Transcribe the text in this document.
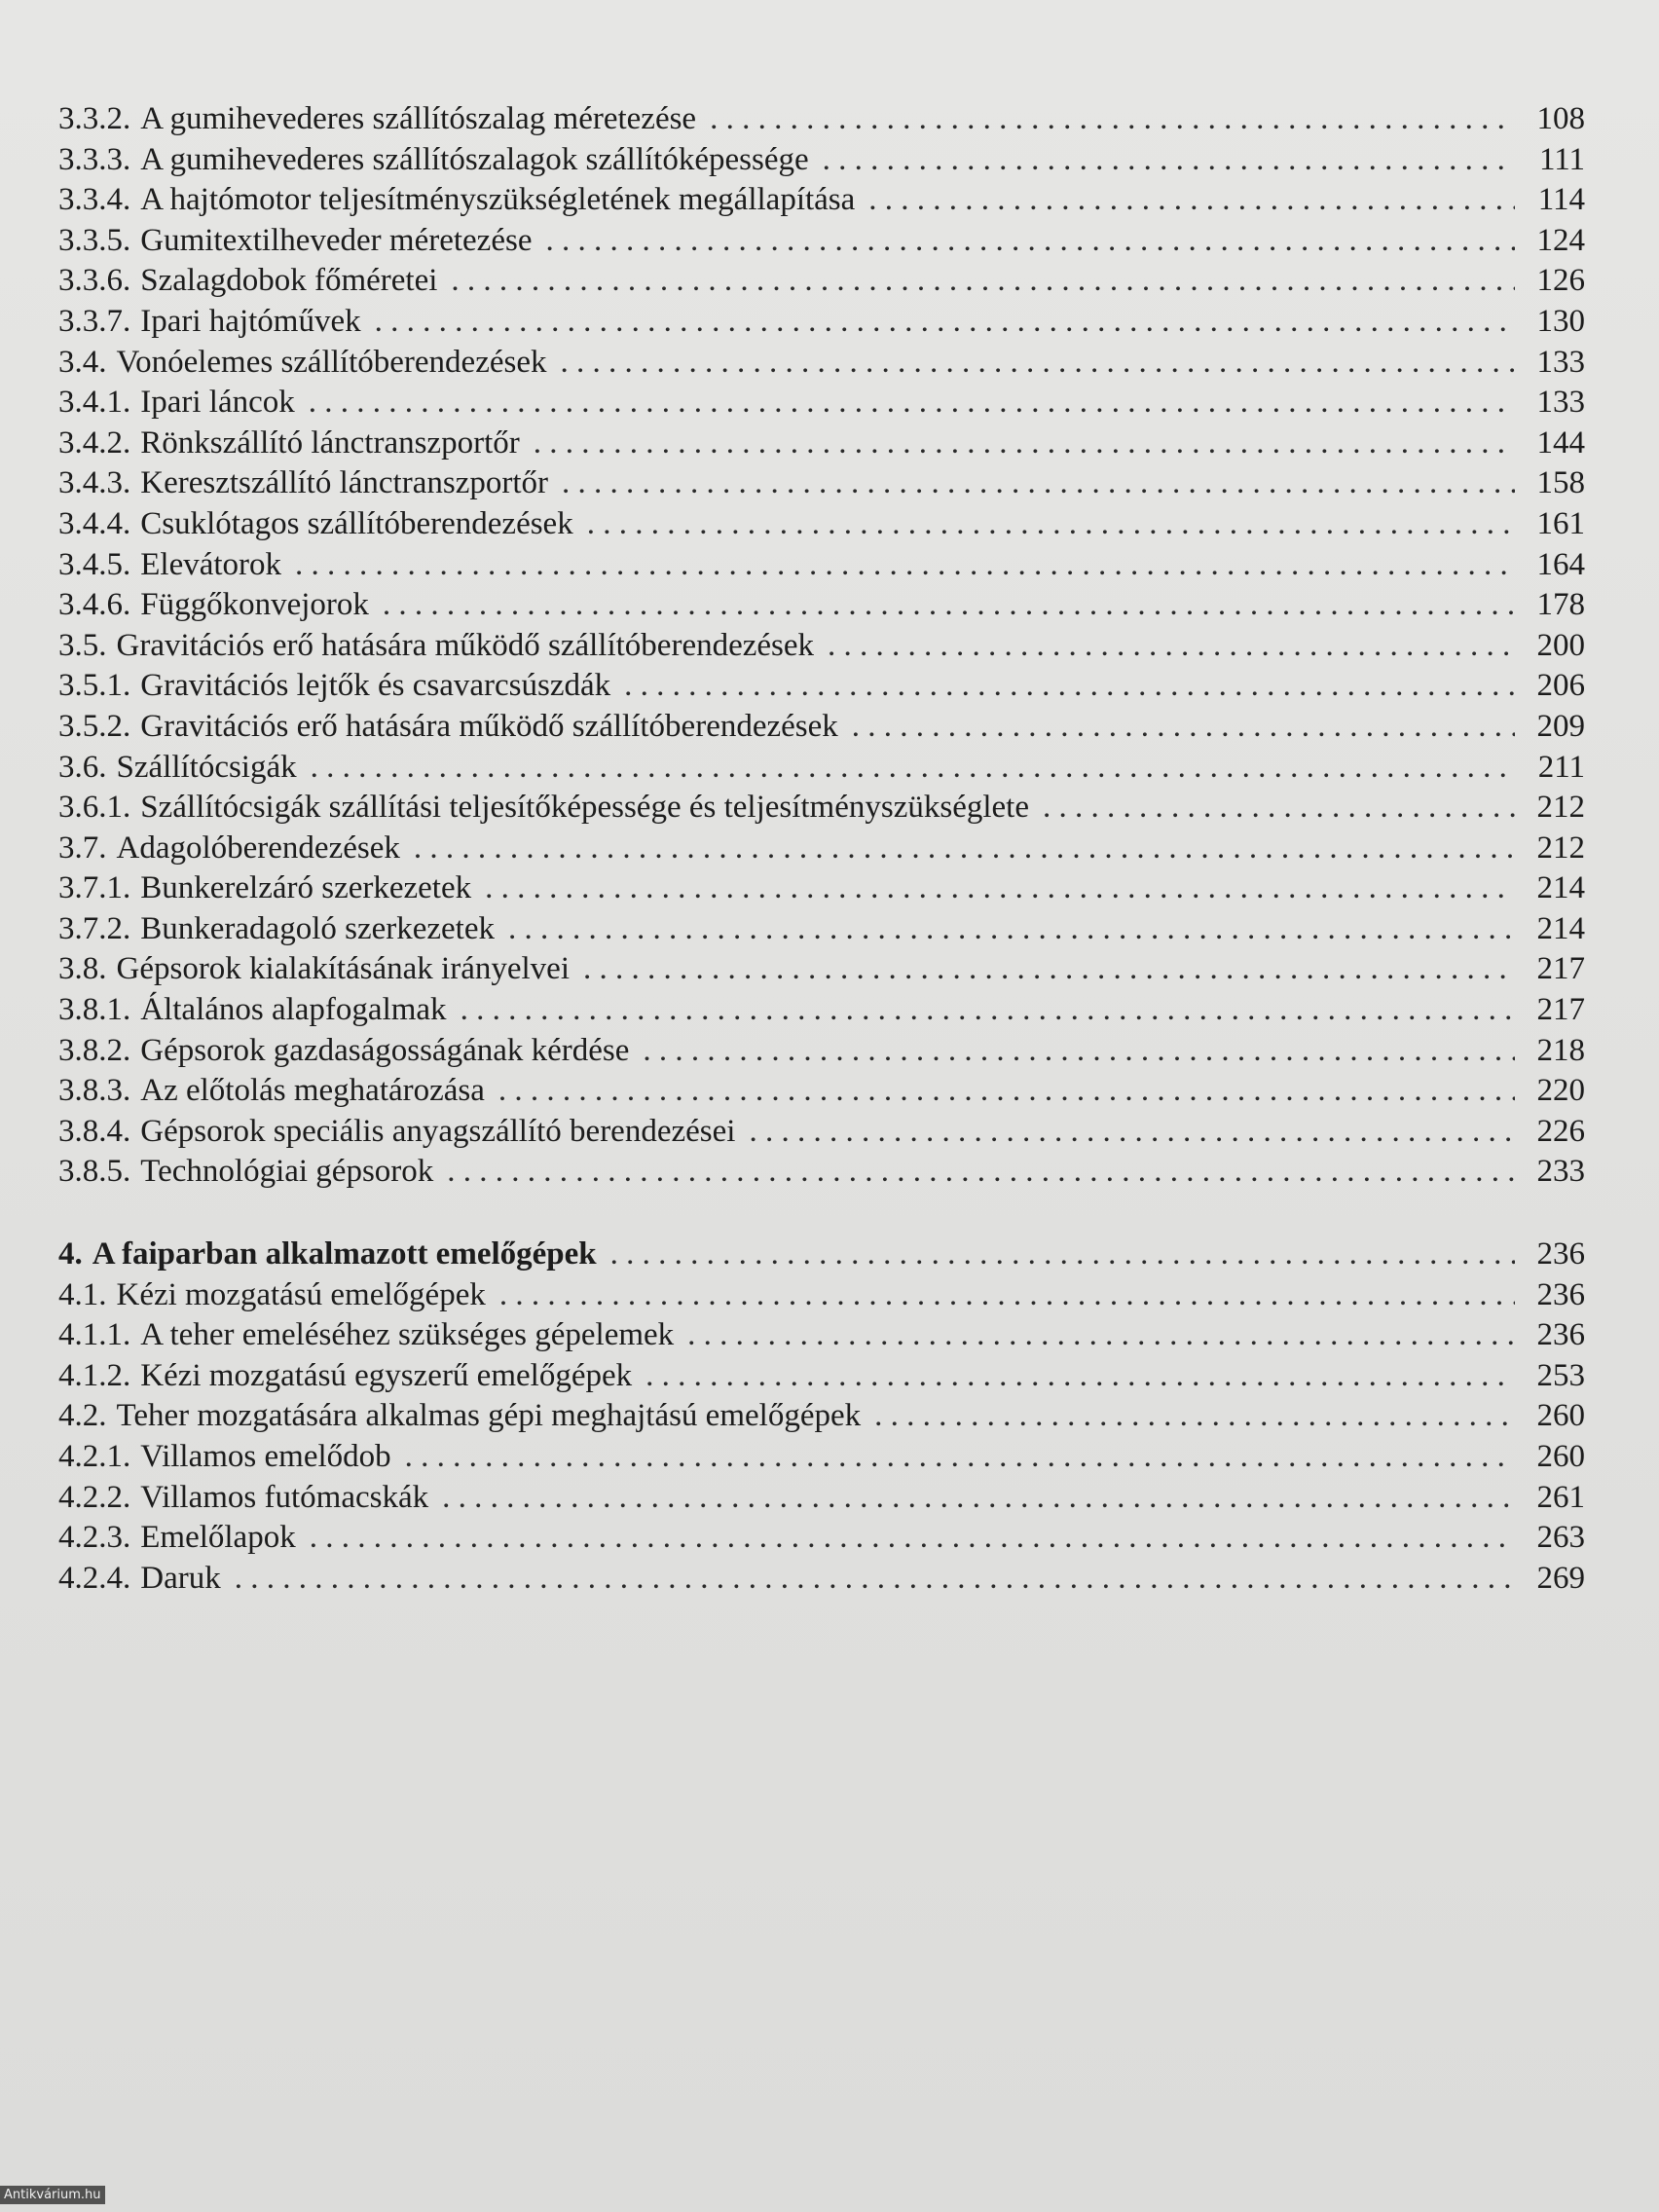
3.3.2. A gumihevederes szállítószalag méretezése . . .	108
3.3.3. A gumihevederes szállítószalagok szállítóképessége . . .	111
3.3.4. A hajtómotor teljesítményszükségletének megállapítása . . .	114
3.3.5. Gumitextilheveder méretezése . . .	124
3.3.6. Szalagdobok főméretei . . .	126
3.3.7. Ipari hajtóművek . . .	130
3.4. Vonóelemes szállítóberendezések . . .	133
3.4.1. Ipari láncok . . .	133
3.4.2. Rönkszállító lánctranszportőr . . .	144
3.4.3. Keresztszállító lánctranszportőr . . .	158
3.4.4. Csuklótagos szállítóberendezések . . .	161
3.4.5. Elevátorok . . .	164
3.4.6. Függőkonvejorok . . .	178
3.5. Gravitációs erő hatására működő szállítóberendezések . . .	200
3.5.1. Gravitációs lejtők és csavarcsúszdák . . .	206
3.5.2. Gravitációs erő hatására működő szállítóberendezések . . .	209
3.6. Szállítócsigák . . .	211
3.6.1. Szállítócsigák szállítási teljesítőképessége és teljesítményszükséglete . . .	212
3.7. Adagolóberendezések . . .	212
3.7.1. Bunkerelzáró szerkezetek . . .	214
3.7.2. Bunkeradagoló szerkezetek . . .	214
3.8. Gépsorok kialakításának irányelvei . . .	217
3.8.1. Általános alapfogalmak . . .	217
3.8.2. Gépsorok gazdaságosságának kérdése . . .	218
3.8.3. Az előtolás meghatározása . . .	220
3.8.4. Gépsorok speciális anyagszállító berendezései . . .	226
3.8.5. Technológiai gépsorok . . .	233
4. A faiparban alkalmazott emelőgépek . . .	236
4.1. Kézi mozgatású emelőgépek . . .	236
4.1.1. A teher emeléséhez szükséges gépelemek . . .	236
4.1.2. Kézi mozgatású egyszerű emelőgépek . . .	253
4.2. Teher mozgatására alkalmas gépi meghajtású emelőgépek . . .	260
4.2.1. Villamos emelődob . . .	260
4.2.2. Villamos futómacskák . . .	261
4.2.3. Emelőlapok . . .	263
4.2.4. Daruk . . .	269
Antikvárium.hu
